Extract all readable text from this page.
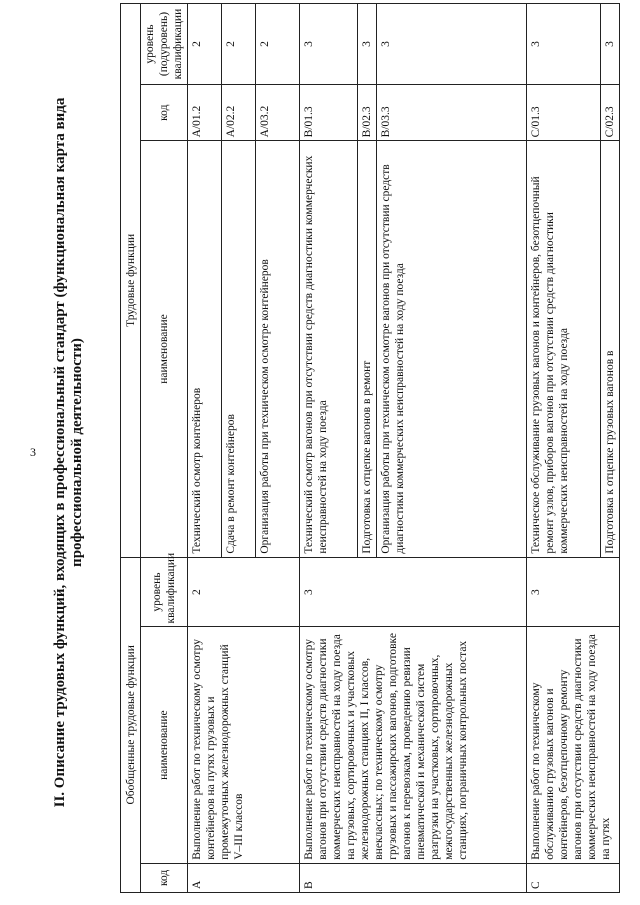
3 II. Описание трудовых функций, входящих в профессиональный стандарт (функциональная карта вида профессиональной деятельности)
Обобщенные трудовые функции			Трудовые функции		
код	наименование	уровень квалификации	наименование	код	уровень (подуровень) квалификации
A	Выполнение работ по техническому осмотру контейнеров на путях грузовых и промежуточных железнодорожных станций V–III классов	2	Технический осмотр контейнеров	A/01.2	2
			Сдача в ремонт контейнеров	A/02.2	2
			Организация работы при техническом осмотре контейнеров	A/03.2	2
B	Выполнение работ по техническому осмотру вагонов при отсутствии средств диагностики коммерческих неисправностей на ходу поезда на грузовых, сортировочных и участковых железнодорожных станциях II, I классов, внеклассных; по техническому осмотру грузовых и пассажирских вагонов, подготовке вагонов к перевозкам, проведению ревизии пневматической и механической систем разгрузки на участковых, сортировочных, межгосударственных железнодорожных станциях, пограничных контрольных постах	3	Технический осмотр вагонов при отсутствии средств диагностики коммерческих неисправностей на ходу поезда	B/01.3	3
			Подготовка к отцепке вагонов в ремонт	B/02.3	3
			Организация работы при техническом осмотре вагонов при отсутствии средств диагностики коммерческих неисправностей на ходу поезда	B/03.3	3
C	Выполнение работ по техническому обслуживанию грузовых вагонов и контейнеров, безотцепочному ремонту вагонов при отсутствии средств диагностики коммерческих неисправностей на ходу поезда на путях	3	Техническое обслуживание грузовых вагонов и контейнеров, безотцепочный ремонт узлов, приборов вагонов при отсутствии средств диагностики коммерческих неисправностей на ходу поезда	C/01.3	3
			Подготовка к отцепке грузовых вагонов в	C/02.3	3
